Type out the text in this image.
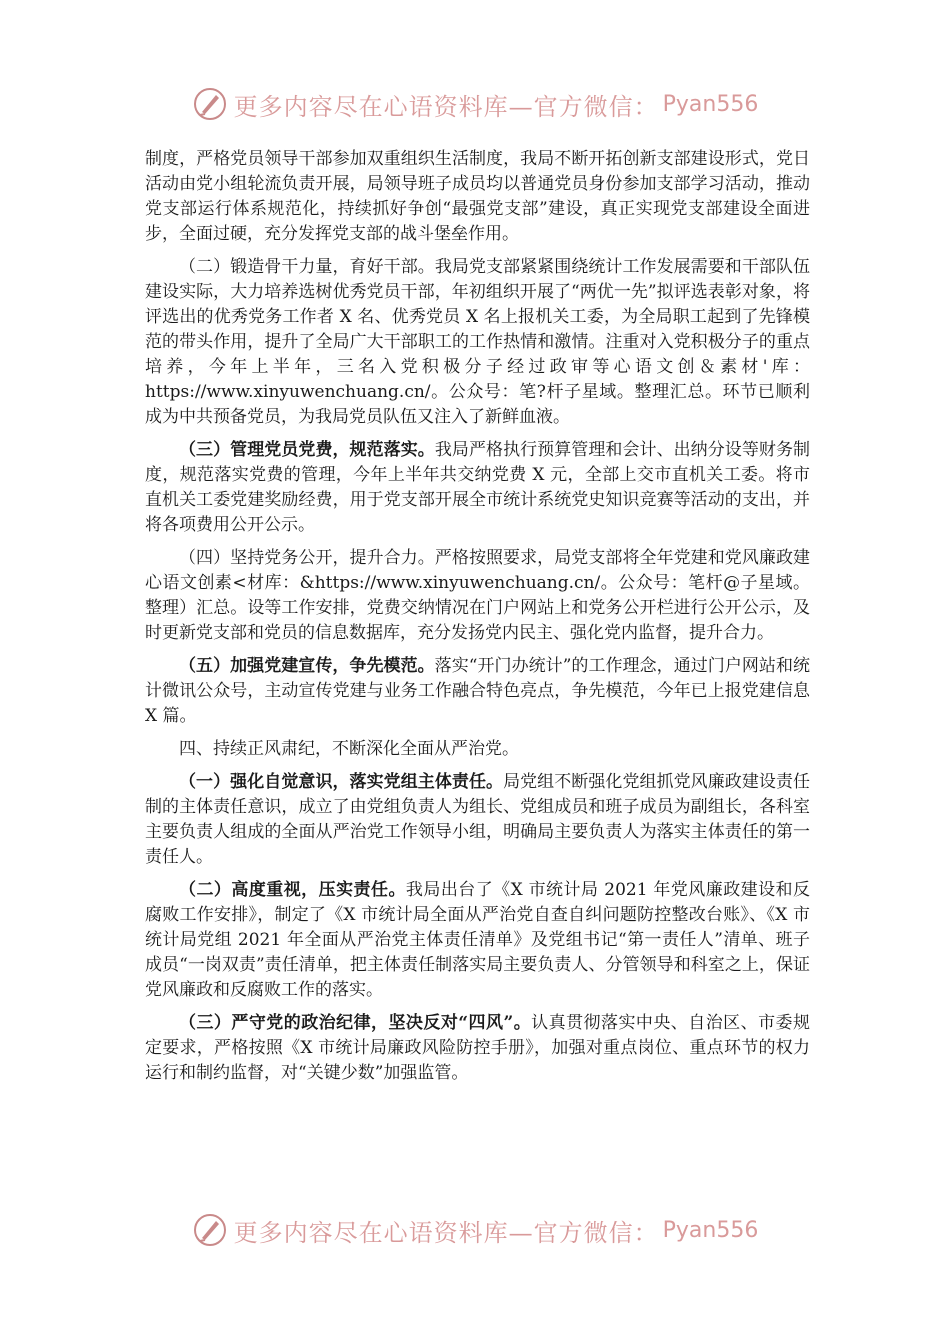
更多内容尽在心语资料库—官方微信： Pyan556

制度，严格党员领导干部参加双重组织生活制度，我局不断开拓创新支部建设形式，党日活动由党小组轮流负责开展，局领导班子成员均以普通党员身份参加支部学习活动，推动党支部运行体系规范化，持续抓好争创“最强党支部”建设，真正实现党支部建设全面进步，全面过硬，充分发挥党支部的战斗堡垒作用。

（二）锻造骨干力量，育好干部。我局党支部紧紧围绕统计工作发展需要和干部队伍建设实际，大力培养选树优秀党员干部，年初组织开展了“两优一先”拟评选表彰对象，将评选出的优秀党务工作者 X 名、优秀党员 X 名上报机关工委，为全局职工起到了先锋模范的带头作用，提升了全局广大干部职工的工作热情和激情。注重对入党积极分子的重点培养，今年上半年，三名入党积极分子经过政审等心语文创＆素材'库：https://www.xinyuwenchuang.cn/。公众号：笔?杆子星域。整理汇总。环节已顺利成为中共预备党员，为我局党员队伍又注入了新鲜血液。

（三）管理党员党费，规范落实。我局严格执行预算管理和会计、出纳分设等财务制度，规范落实党费的管理，今年上半年共交纳党费 X 元，全部上交市直机关工委。将市直机关工委党建奖励经费，用于党支部开展全市统计系统党史知识竞赛等活动的支出，并将各项费用公开公示。

（四）坚持党务公开，提升合力。严格按照要求，局党支部将全年党建和党风廉政建心语文创素<材库：&https://www.xinyuwenchuang.cn/。公众号：笔杆@子星域。整理）汇总。设等工作安排，党费交纳情况在门户网站上和党务公开栏进行公开公示，及时更新党支部和党员的信息数据库，充分发扬党内民主、强化党内监督，提升合力。

（五）加强党建宣传，争先模范。落实“开门办统计”的工作理念，通过门户网站和统计微讯公众号，主动宣传党建与业务工作融合特色亮点，争先模范，今年已上报党建信息 X 篇。

四、持续正风肃纪，不断深化全面从严治党。

（一）强化自觉意识，落实党组主体责任。局党组不断强化党组抓党风廉政建设责任制的主体责任意识，成立了由党组负责人为组长、党组成员和班子成员为副组长，各科室主要负责人组成的全面从严治党工作领导小组，明确局主要负责人为落实主体责任的第一责任人。

（二）高度重视，压实责任。我局出台了《X 市统计局 2021 年党风廉政建设和反腐败工作安排》，制定了《X 市统计局全面从严治党自查自纠问题防控整改台账》、《X 市统计局党组 2021 年全面从严治党主体责任清单》及党组书记“第一责任人”清单、班子成员“一岗双责”责任清单，把主体责任制落实局主要负责人、分管领导和科室之上，保证党风廉政和反腐败工作的落实。

（三）严守党的政治纪律，坚决反对“四风”。认真贯彻落实中央、自治区、市委规定要求，严格按照《X 市统计局廉政风险防控手册》，加强对重点岗位、重点环节的权力运行和制约监督，对“关键少数”加强监管。

更多内容尽在心语资料库—官方微信： Pyan556
